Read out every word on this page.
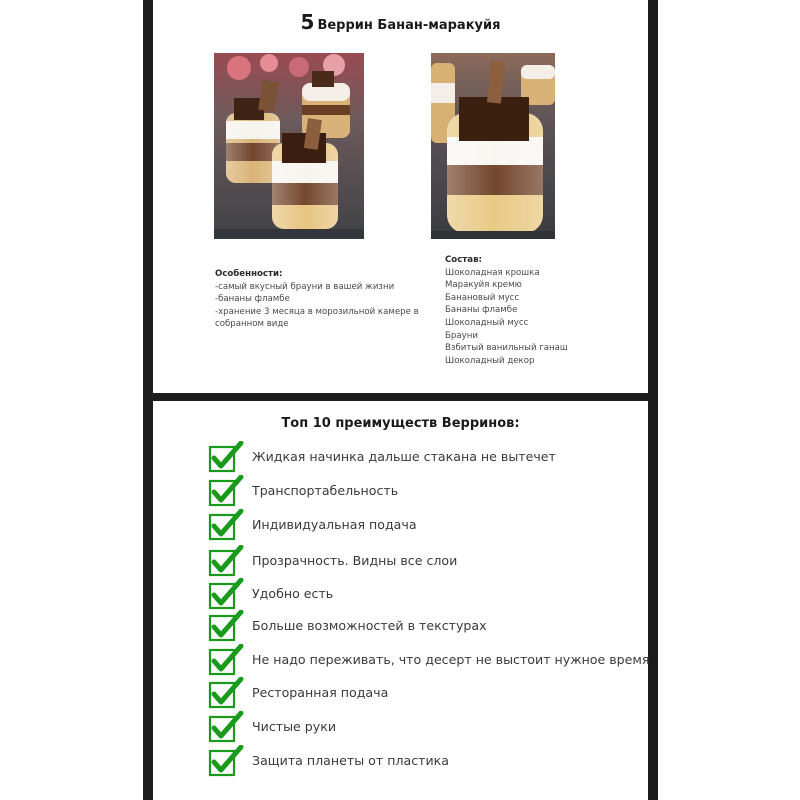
5 Веррин Банан-маракуйя
Особенности:
-самый вкусный брауни в вашей жизни
-бананы фламбе
-хранение 3 месяца в морозильной камере в собранном виде
Состав:
Шоколадная крошка
Маракуйя кремю
Банановый мусс
Бананы фламбе
Шоколадный мусс
Брауни
Взбитый ванильный ганаш
Шоколадный декор
Топ 10 преимуществ Верринов:
Жидкая начинка дальше стакана не вытечет
Транспортабельность
Индивидуальная подача
Прозрачность. Видны все слои
Удобно есть
Больше возможностей в текстурах
Не надо переживать, что десерт не выстоит нужное время
Ресторанная подача
Чистые руки
Защита планеты от пластика
